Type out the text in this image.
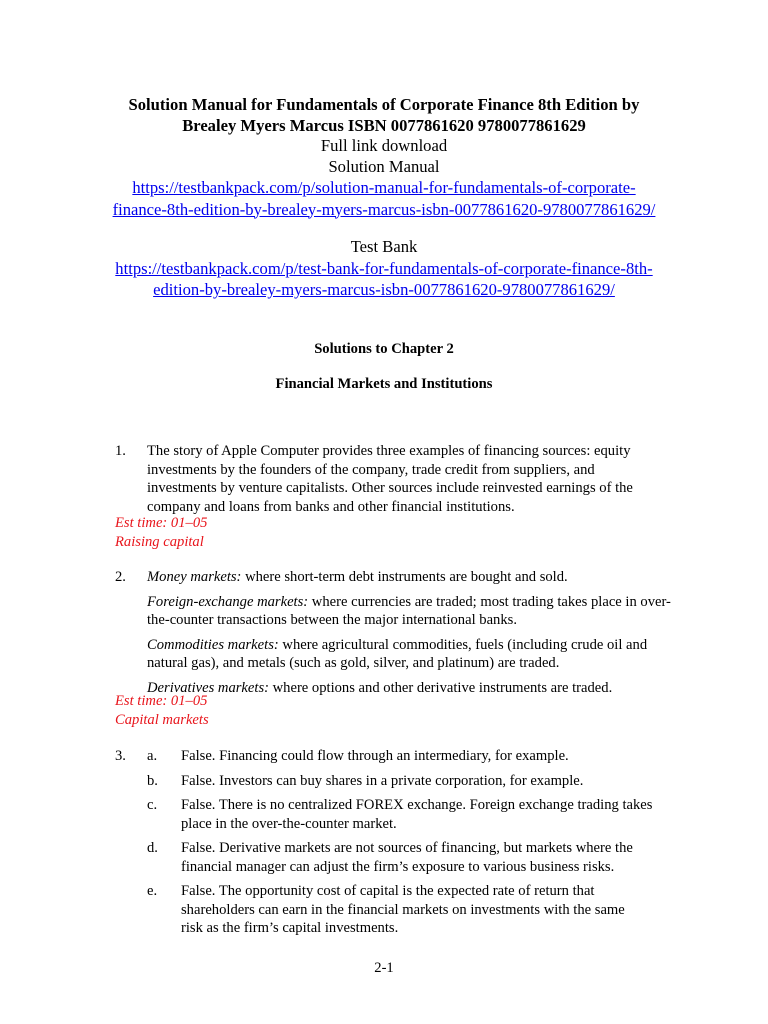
Solution Manual for Fundamentals of Corporate Finance 8th Edition by

Brealey Myers Marcus ISBN 0077861620 9780077861629

Full link download

Solution Manual

https://testbankpack.com/p/solution-manual-for-fundamentals-of-corporate-
finance-8th-edition-by-brealey-myers-marcus-isbn-0077861620-9780077861629/

Test Bank

https://testbankpack.com/p/test-bank-for-fundamentals-of-corporate-finance-8th-
edition-by-brealey-myers-marcus-isbn-0077861620-9780077861629/

Solutions to Chapter 2

Financial Markets and Institutions

1. The story of Apple Computer provides three examples of financing sources: equity
investments by the founders of the company, trade credit from suppliers, and
investments by venture capitalists. Other sources include reinvested earnings of the
company and loans from banks and other financial institutions.

Est time: 01–05

Raising capital

2. Money markets: where short-term debt instruments are bought and sold.

Foreign-exchange markets: where currencies are traded; most trading takes place in over-
the-counter transactions between the major international banks.

Commodities markets: where agricultural commodities, fuels (including crude oil and
natural gas), and metals (such as gold, silver, and platinum) are traded.

Derivatives markets: where options and other derivative instruments are traded.

Est time: 01–05

Capital markets

3. a. False. Financing could flow through an intermediary, for example.
b. False. Investors can buy shares in a private corporation, for example.
c. False. There is no centralized FOREX exchange. Foreign exchange trading takes
place in the over-the-counter market.
d. False. Derivative markets are not sources of financing, but markets where the
financial manager can adjust the firm’s exposure to various business risks.
e. False. The opportunity cost of capital is the expected rate of return that
shareholders can earn in the financial markets on investments with the same
risk as the firm’s capital investments.
2-1
